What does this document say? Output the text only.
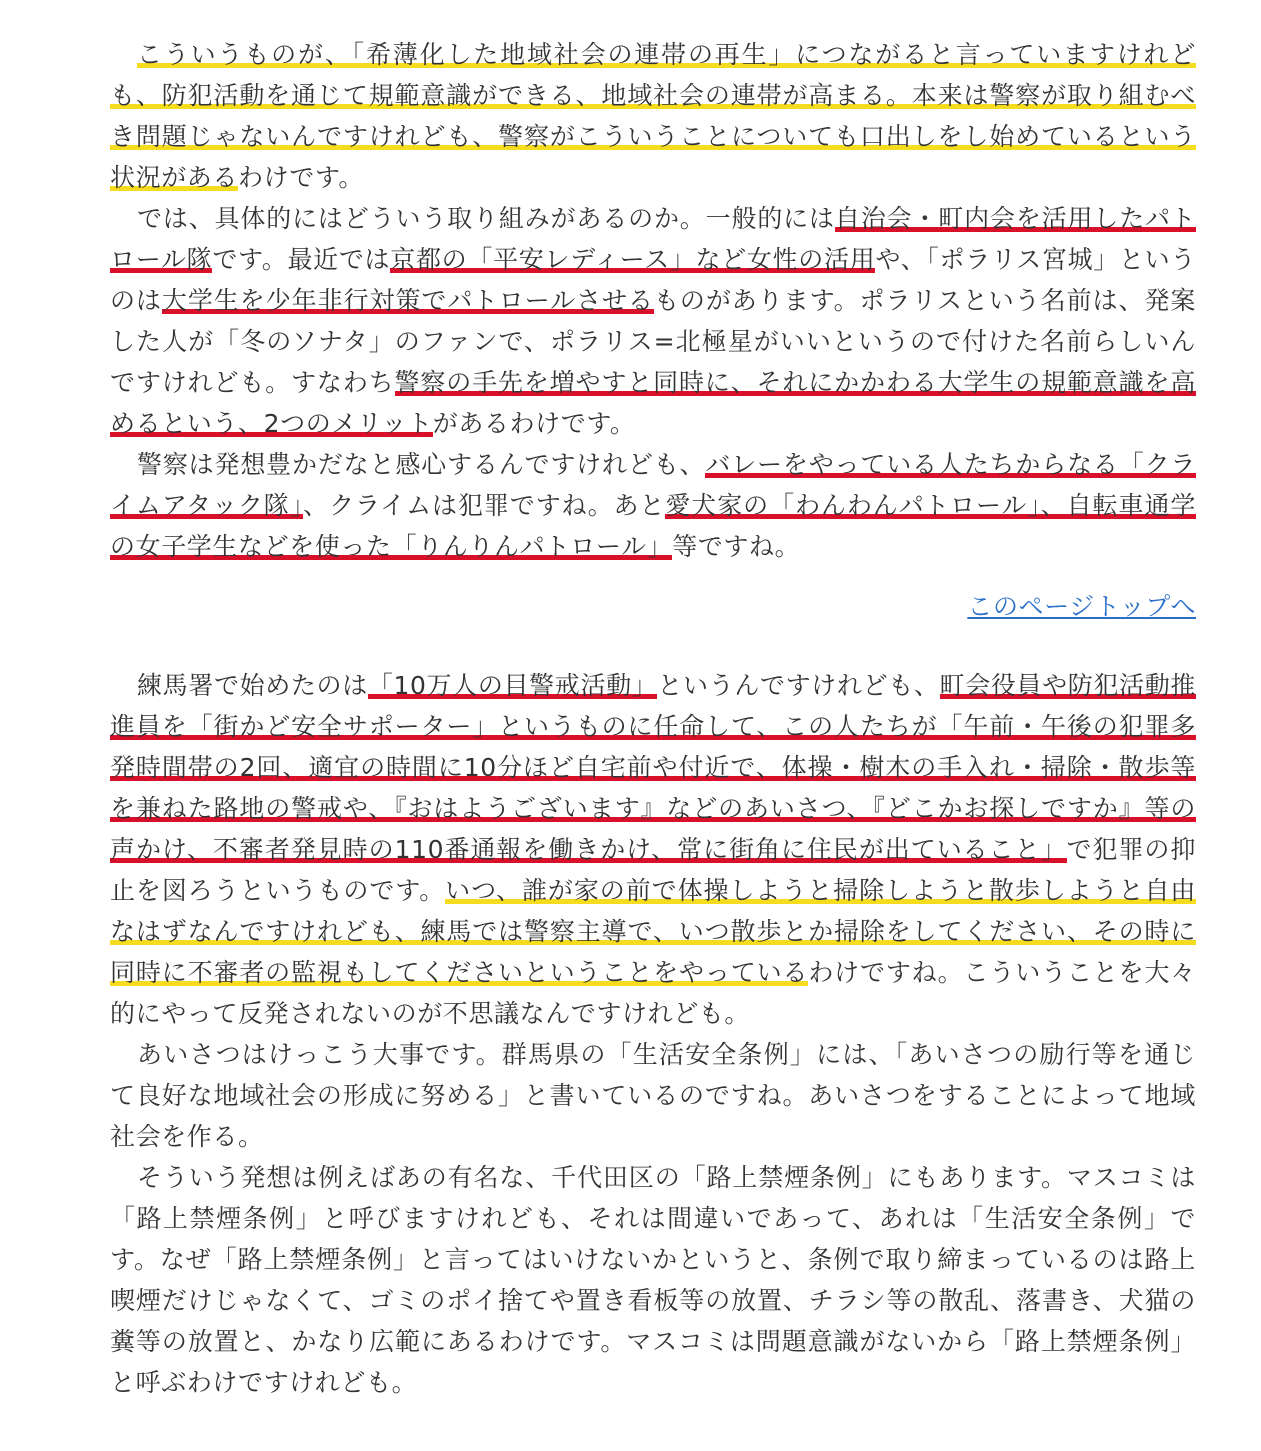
こういうものが、「希薄化した地域社会の連帯の再生」につながると言っていますけれども、防犯活動を通じて規範意識ができる、地域社会の連帯が高まる。本来は警察が取り組むべき問題じゃないんですけれども、警察がこういうことについても口出しをし始めているという状況があるわけです。

では、具体的にはどういう取り組みがあるのか。一般的には自治会・町内会を活用したパトロール隊です。最近では京都の「平安レディース」など女性の活用や、「ポラリス宮城」というのは大学生を少年非行対策でパトロールさせるものがあります。ポラリスという名前は、発案した人が「冬のソナタ」のファンで、ポラリス=北極星がいいというので付けた名前らしいんですけれども。すなわち警察の手先を増やすと同時に、それにかかわる大学生の規範意識を高めるという、2つのメリットがあるわけです。

警察は発想豊かだなと感心するんですけれども、バレーをやっている人たちからなる「クライムアタック隊」、クライムは犯罪ですね。あと愛犬家の「わんわんパトロール」、自転車通学の女子学生などを使った「りんりんパトロール」等ですね。

このページトップへ

練馬署で始めたのは「10万人の目警戒活動」というんですけれども、町会役員や防犯活動推進員を「街かど安全サポーター」というものに任命して、この人たちが「午前・午後の犯罪多発時間帯の2回、適宜の時間に10分ほど自宅前や付近で、体操・樹木の手入れ・掃除・散歩等を兼ねた路地の警戒や、『おはようございます』などのあいさつ、『どこかお探しですか』等の声かけ、不審者発見時の110番通報を働きかけ、常に街角に住民が出ていること」で犯罪の抑止を図ろうというものです。いつ、誰が家の前で体操しようと掃除しようと散歩しようと自由なはずなんですけれども、練馬では警察主導で、いつ散歩とか掃除をしてください、その時に同時に不審者の監視もしてくださいということをやっているわけですね。こういうことを大々的にやって反発されないのが不思議なんですけれども。

あいさつはけっこう大事です。群馬県の「生活安全条例」には、「あいさつの励行等を通じて良好な地域社会の形成に努める」と書いているのですね。あいさつをすることによって地域社会を作る。

そういう発想は例えばあの有名な、千代田区の「路上禁煙条例」にもあります。マスコミは「路上禁煙条例」と呼びますけれども、それは間違いであって、あれは「生活安全条例」です。なぜ「路上禁煙条例」と言ってはいけないかというと、条例で取り締まっているのは路上喫煙だけじゃなくて、ゴミのポイ捨てや置き看板等の放置、チラシ等の散乱、落書き、犬猫の糞等の放置と、かなり広範にあるわけです。マスコミは問題意識がないから「路上禁煙条例」と呼ぶわけですけれども。
